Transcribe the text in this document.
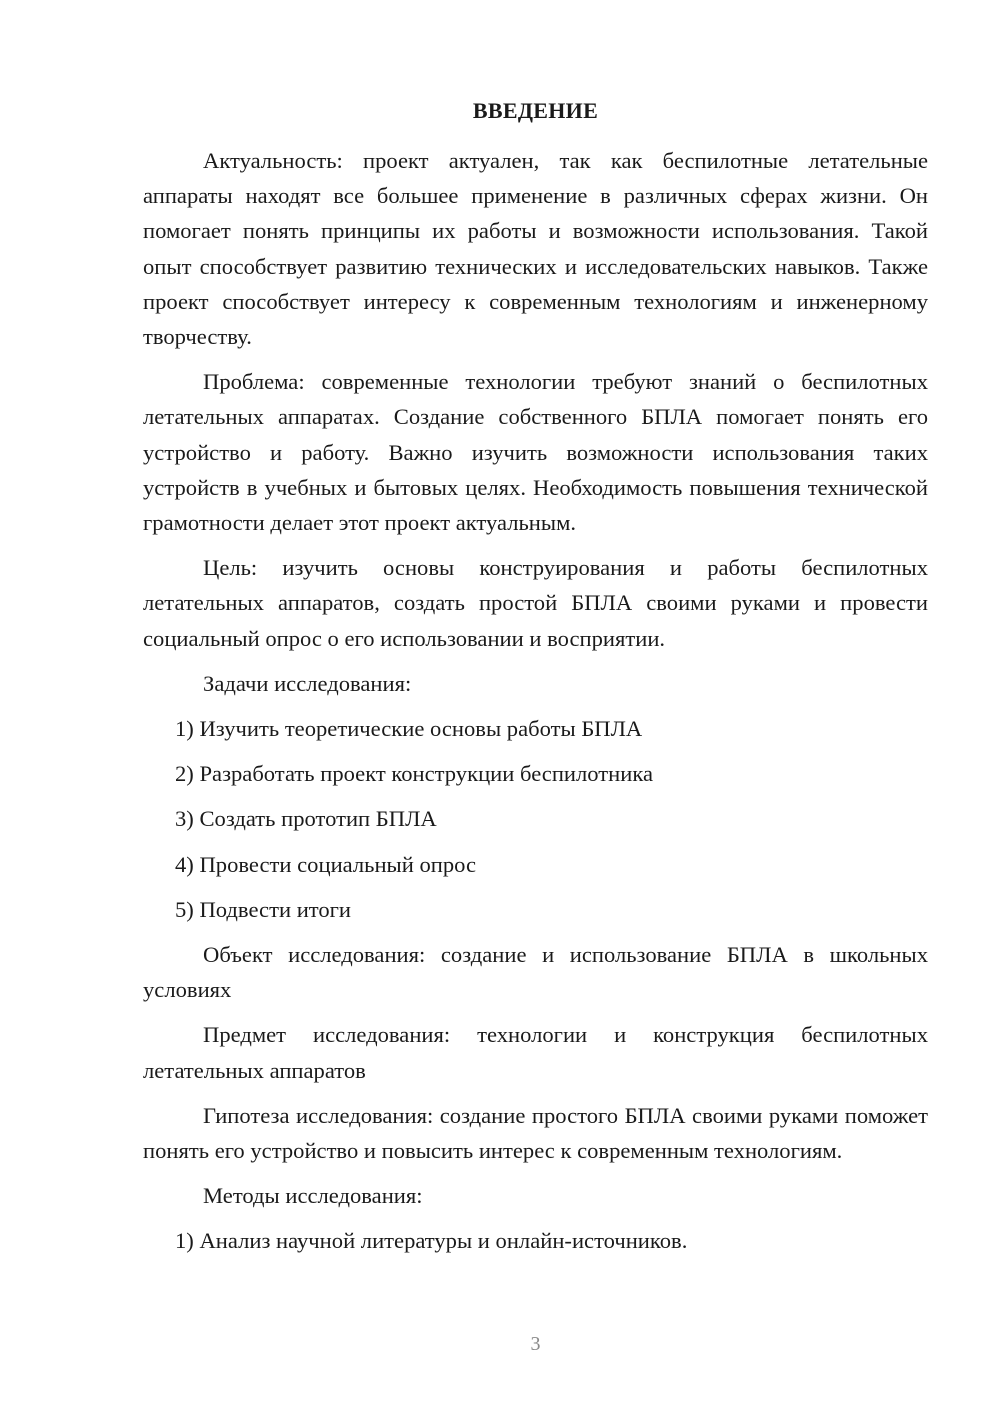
ВВЕДЕНИЕ

Актуальность: проект актуален, так как беспилотные летательные аппараты находят все большее применение в различных сферах жизни. Он помогает понять принципы их работы и возможности использования. Такой опыт способствует развитию технических и исследовательских навыков. Также проект способствует интересу к современным технологиям и инженерному творчеству.

Проблема: современные технологии требуют знаний о беспилотных летательных аппаратах. Создание собственного БПЛА помогает понять его устройство и работу. Важно изучить возможности использования таких устройств в учебных и бытовых целях. Необходимость повышения технической грамотности делает этот проект актуальным.

Цель: изучить основы конструирования и работы беспилотных летательных аппаратов, создать простой БПЛА своими руками и провести социальный опрос о его использовании и восприятии.

Задачи исследования:

1) Изучить теоретические основы работы БПЛА

2) Разработать проект конструкции беспилотника

3) Создать прототип БПЛА

4) Провести социальный опрос

5) Подвести итоги

Объект исследования: создание и использование БПЛА в школьных условиях

Предмет исследования: технологии и конструкция беспилотных летательных аппаратов

Гипотеза исследования: создание простого БПЛА своими руками поможет понять его устройство и повысить интерес к современным технологиям.

Методы исследования:

1) Анализ научной литературы и онлайн-источников.

3
